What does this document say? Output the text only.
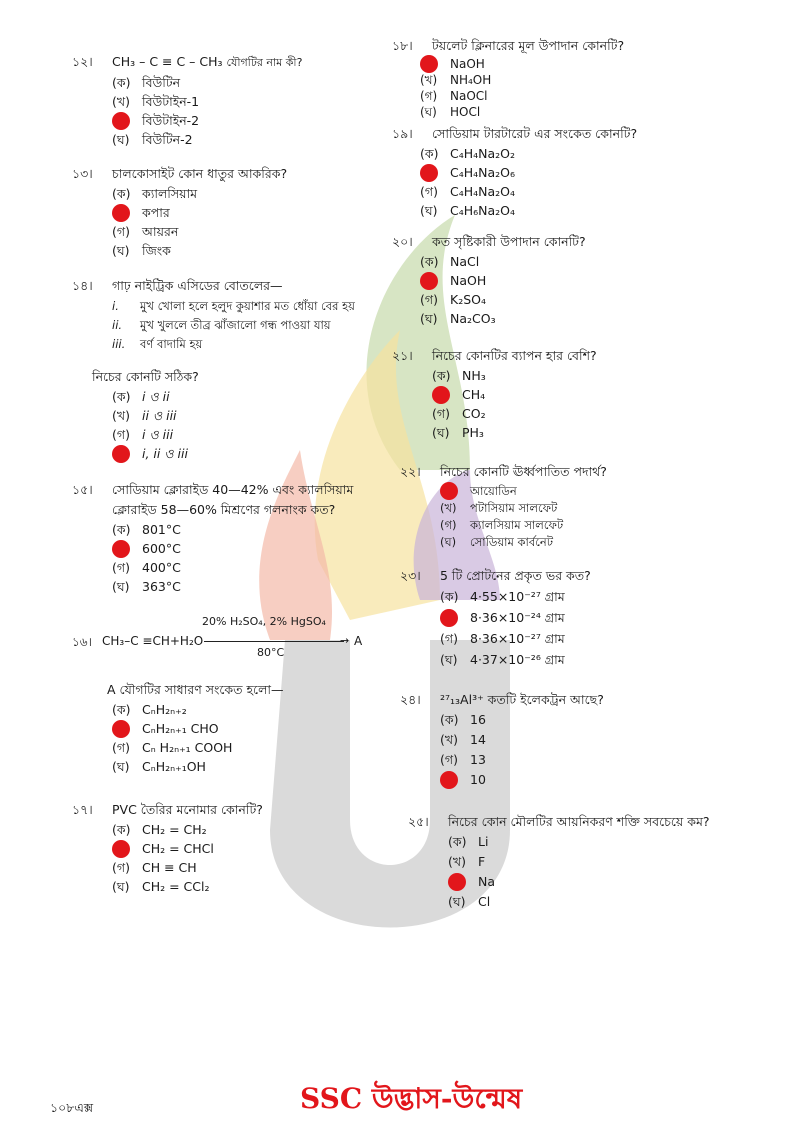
১২।	CH₃ – C ≡ C – CH₃ যৌগটির নাম কী?
(ক) বিউটিন
(খ) বিউটাইন-1
বিউটাইন-2
(ঘ)	বিউটিন-2
১৩।	চালকোসাইট কোন ধাতুর আকরিক?
(ক) ক্যালসিয়াম
কপার
(গ) আয়রন
(ঘ)	জিংক
১৪।	গাঢ় নাইট্রিক এসিডের বোতলের—
i.	মুখ খোলা হলে হলুদ কুয়াশার মত ধোঁয়া বের হয়
ii.	মুখ খুললে তীব্র ঝাঁজালো গন্ধ পাওয়া যায়
iii.	বর্ণ বাদামি হয়
নিচের কোনটি সঠিক?
(ক) i ও ii
(খ) ii ও iii
(গ) i ও iii
i, ii ও iii
১৫।	সোডিয়াম ক্লোরাইড 40—42% এবং ক্যালসিয়াম
ক্লোরাইড 58—60% মিশ্রণের গলনাংক কত?
(ক) 801°C
600°C
(গ) 400°C
(ঘ)	363°C
১৬। CH₃–C ≡CH+H₂O
20% H₂SO₄, 2% HgSO₄
→ A
80°C
A যৌগটির সাধারণ সংকেত হলো—
(ক) CₙH₂ₙ₊₂
CₙH₂ₙ₊₁ CHO
(গ) Cₙ H₂ₙ₊₁ COOH
(ঘ)	CₙH₂ₙ₊₁OH
১৭।	PVC তৈরির মনোমার কোনটি?
(ক) CH₂ = CH₂
CH₂ = CHCl
(গ) CH ≡ CH
(ঘ)	CH₂ = CCl₂
১৮।	টয়লেট ক্লিনারের মূল উপাদান কোনটি?
NaOH
(খ)	NH₄OH
(গ)	NaOCl
(ঘ)	HOCl
১৯।	সোডিয়াম টারটারেট এর সংকেত কোনটি?
(ক) C₄H₄Na₂O₂
C₄H₄Na₂O₆
(গ) C₄H₄Na₂O₄
(ঘ)	C₄H₆Na₂O₄
২০।	কত সৃষ্টিকারী উপাদান কোনটি?
(ক) NaCl
NaOH
(গ) K₂SO₄
(ঘ)	Na₂CO₃
২১।	নিচের কোনটির ব্যাপন হার বেশি?
(ক) NH₃
CH₄
(গ) CO₂
(ঘ)	PH₃
২২।	নিচের কোনটি ঊর্ধ্বপাতিত পদার্থ?
আয়োডিন
(খ)	পটাসিয়াম সালফেট
(গ)	ক্যালসিয়াম সালফেট
(ঘ)	সোডিয়াম কার্বনেট
২৩।	5 টি প্রোটনের প্রকৃত ভর কত?
(ক) 4·55×10⁻²⁷ গ্রাম
8·36×10⁻²⁴ গ্রাম
(গ) 8·36×10⁻²⁷ গ্রাম
(ঘ)	4·37×10⁻²⁶ গ্রাম
২৪।	²⁷₁₃Al³⁺ কতটি ইলেকট্রন আছে?
(ক) 16
(খ) 14
(গ) 13
10
২৫।	নিচের কোন মৌলটির আয়নিকরণ শক্তি সবচেয়ে কম?
(ক) Li
(খ) F
Na
(ঘ)	Cl
SSC উদ্ভাস-উন্মেষ
১০৮এক্স
